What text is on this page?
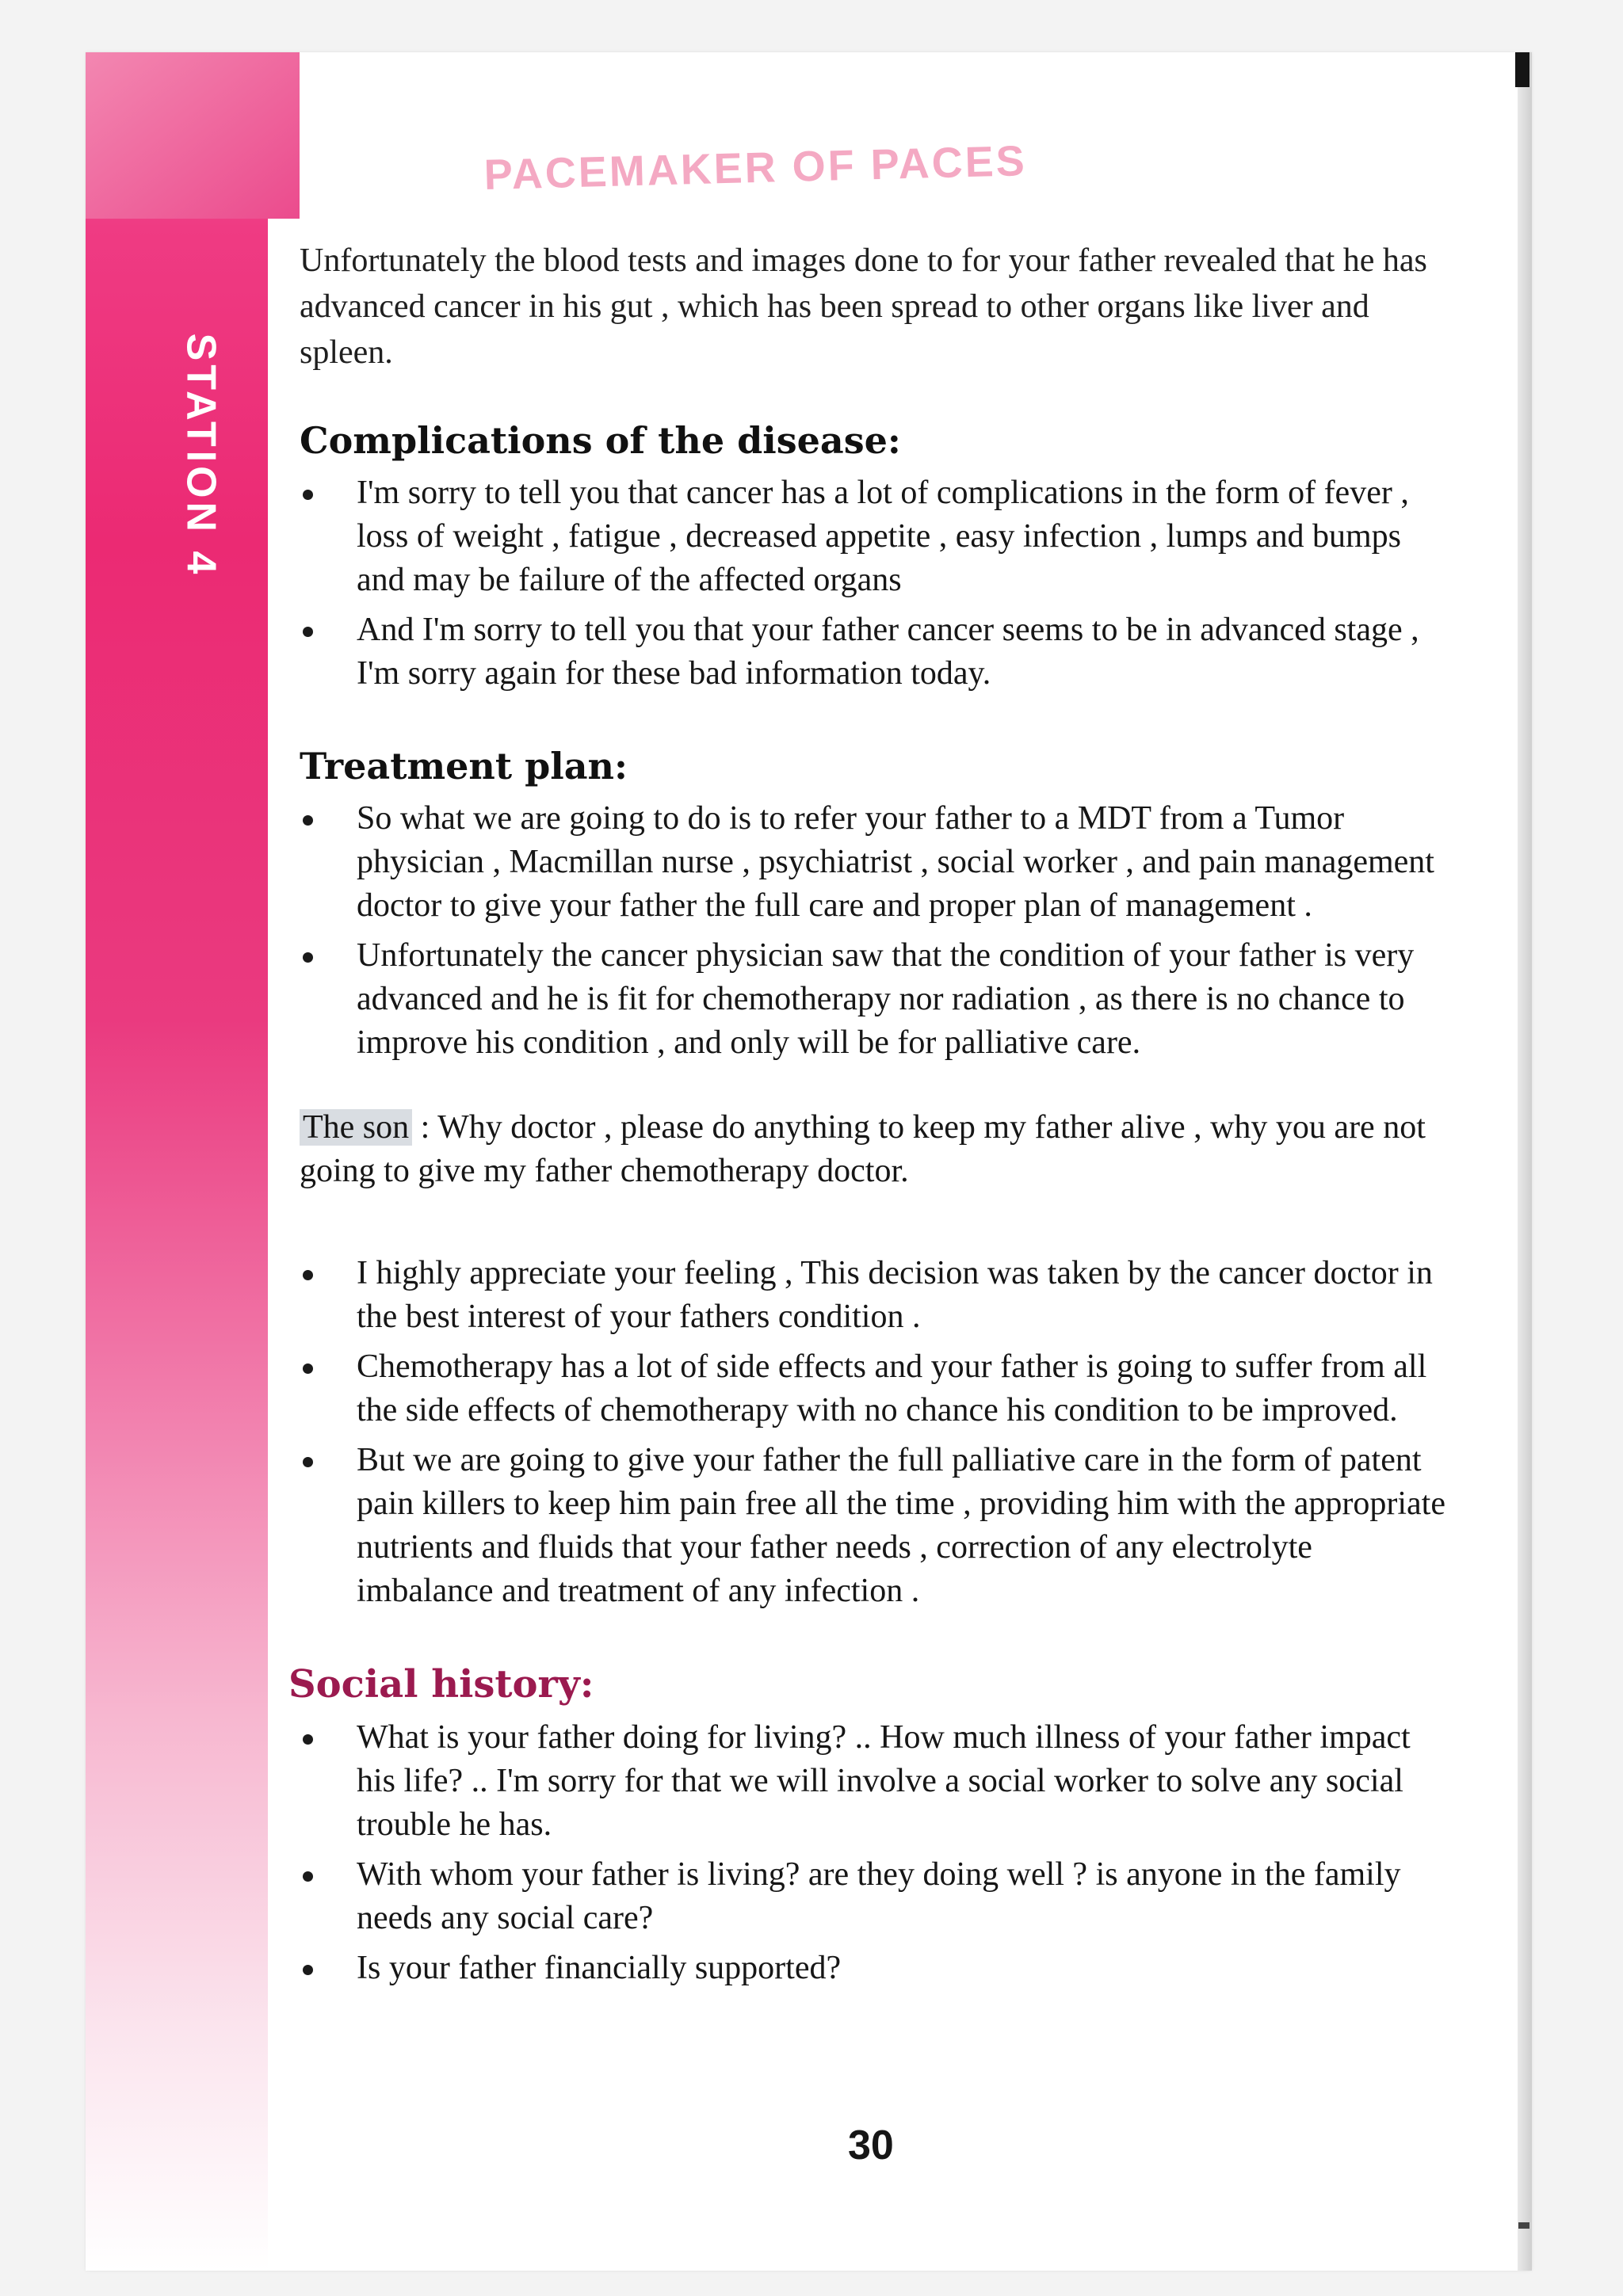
STATION 4
PACEMAKER OF PACES

Unfortunately the blood tests and images done to for your father revealed that he has advanced cancer in his gut , which has been spread to other organs like liver and spleen.

Complications of the disease:
I'm sorry to tell you that cancer has a lot of complications in the form of fever , loss of weight , fatigue , decreased appetite , easy infection , lumps and bumps and may be failure of the affected organs
And I'm sorry to tell you that your father cancer seems to be in advanced stage , I'm sorry again for these bad information today.
Treatment plan:
So what we are going to do is to refer your father to a MDT from a Tumor physician , Macmillan nurse , psychiatrist , social worker , and pain management doctor to give your father the full care and proper plan of management .
Unfortunately the cancer physician saw that the condition of your father is very advanced and he is fit for chemotherapy nor radiation , as there is no chance to improve his condition , and only will be for palliative care.

The son : Why doctor , please do anything to keep my father alive , why you are not going to give my father chemotherapy doctor.

I highly appreciate your feeling , This decision was taken by the cancer doctor in the best interest of your fathers condition .
Chemotherapy has a lot of side effects and your father is going to suffer from all the side effects of chemotherapy with no chance his condition to be improved.
But we are going to give your father the full palliative care in the form of patent pain killers to keep him pain free all the time , providing him with the appropriate nutrients and fluids that your father needs , correction of any electrolyte imbalance and treatment of any infection .
Social history:
What is your father doing for living? .. How much illness of your father impact his life? .. I'm sorry for that we will involve a social worker to solve any social trouble he has.
With whom your father is living? are they doing well ? is anyone in the family needs any social care?
Is your father financially supported?
30
